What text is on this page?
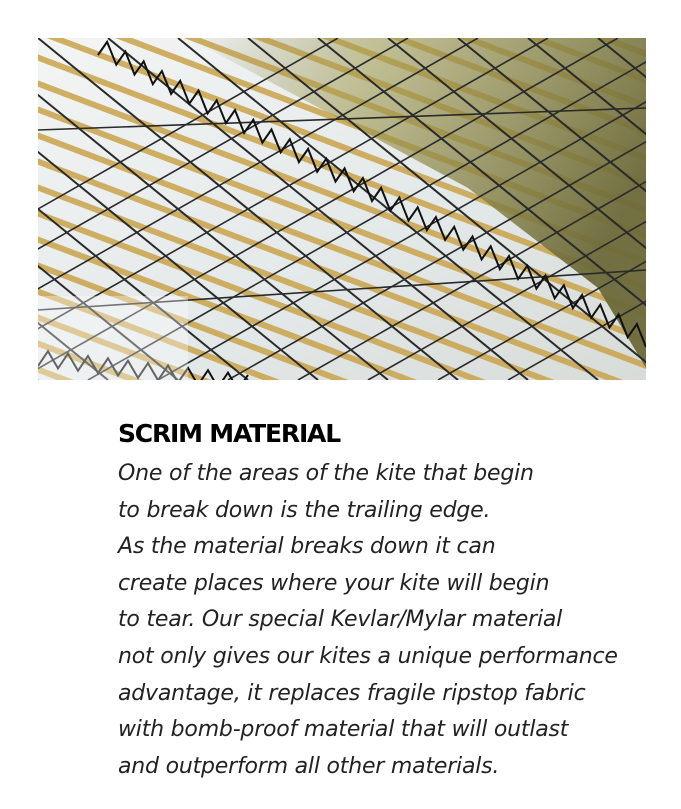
SCRIM MATERIAL
One of the areas of the kite that begin
to break down is the trailing edge.
As the material breaks down it can
create places where your kite will begin
to tear. Our special Kevlar/Mylar material
not only gives our kites a unique performance
advantage, it replaces fragile ripstop fabric
with bomb-proof material that will outlast
and outperform all other materials.
